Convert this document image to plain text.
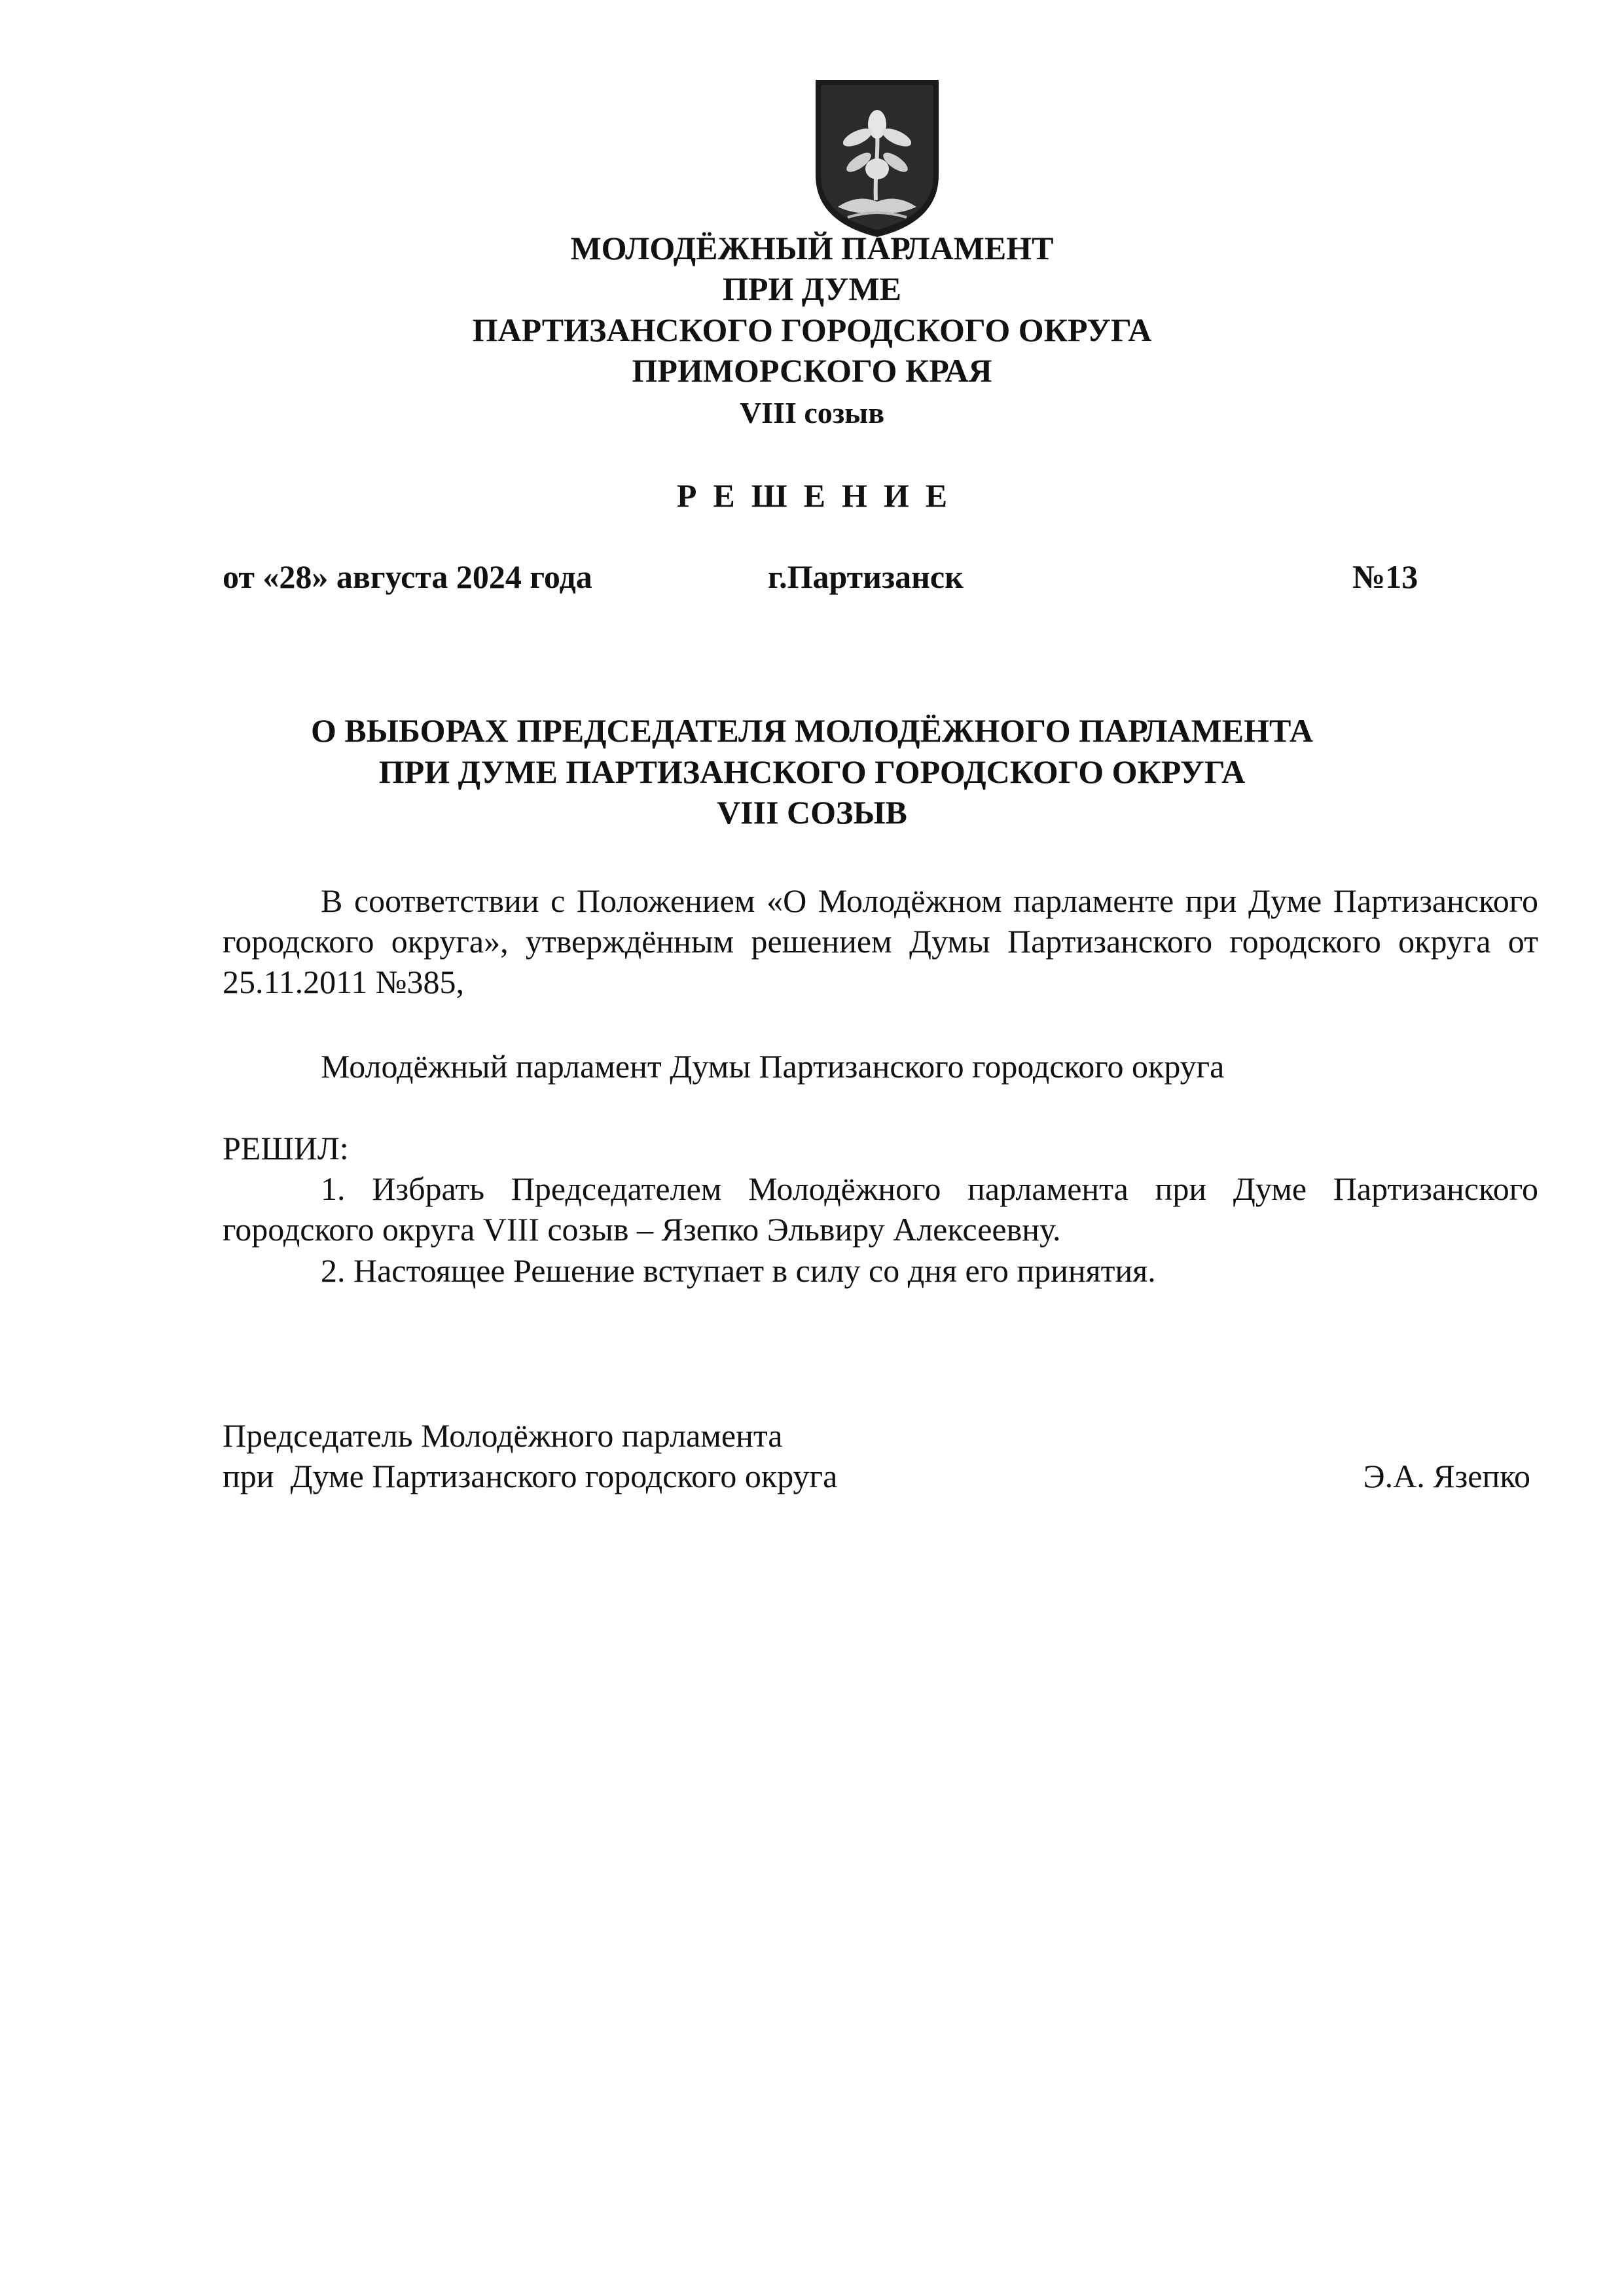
МОЛОДЁЖНЫЙ ПАРЛАМЕНТ
ПРИ ДУМЕ
ПАРТИЗАНСКОГО ГОРОДСКОГО ОКРУГА
ПРИМОРСКОГО КРАЯ
VIII созыв
РЕШЕНИЕ
от «28» августа 2024 года	г.Партизанск	№13
О ВЫБОРАХ ПРЕДСЕДАТЕЛЯ МОЛОДЁЖНОГО ПАРЛАМЕНТА
ПРИ ДУМЕ ПАРТИЗАНСКОГО ГОРОДСКОГО ОКРУГА
VIII СОЗЫВ
В соответствии с Положением «О Молодёжном парламенте при Думе Партизанского городского округа», утверждённым решением Думы Партизанского городского округа от 25.11.2011 №385,
Молодёжный парламент Думы Партизанского городского округа
РЕШИЛ:
1. Избрать Председателем Молодёжного парламента при Думе Партизанского городского округа VIII созыв – Язепко Эльвиру Алексеевну.
2. Настоящее Решение вступает в силу со дня его принятия.
Председатель Молодёжного парламента
при  Думе Партизанского городского округа	Э.А. Язепко
